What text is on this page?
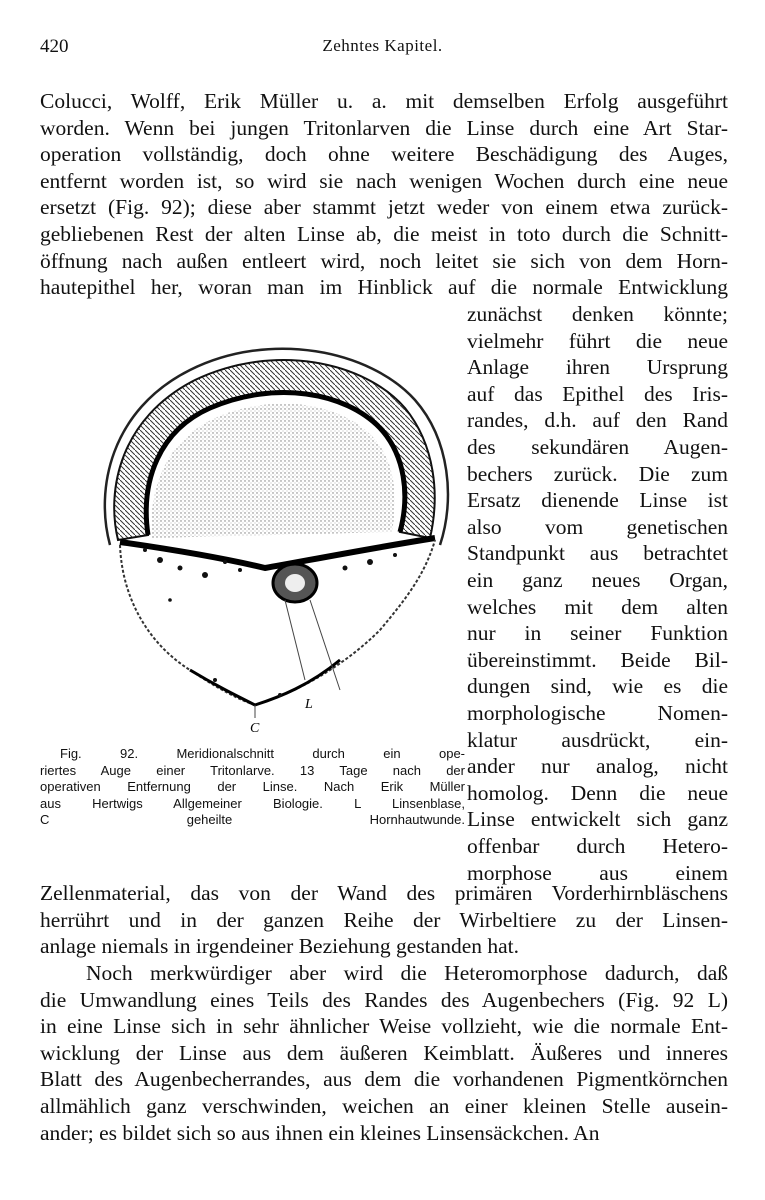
420	Zehntes Kapitel.
Colucci, Wolff, Erik Müller u. a. mit demselben Erfolg ausgeführt
worden. Wenn bei jungen Tritonlarven die Linse durch eine Art Star-
operation vollständig, doch ohne weitere Beschädigung des Auges,
entfernt worden ist, so wird sie nach wenigen Wochen durch eine neue
ersetzt (Fig. 92); diese aber stammt jetzt weder von einem etwa zurück-
gebliebenen Rest der alten Linse ab, die meist in toto durch die Schnitt-
öffnung nach außen entleert wird, noch leitet sie sich von dem Horn-
hautepithel her, woran man im Hinblick auf die normale Entwicklung
zunächst denken könnte;
vielmehr führt die neue
Anlage ihren Ursprung
auf das Epithel des Iris-
randes, d.h. auf den Rand
des sekundären Augen-
bechers zurück. Die zum
Ersatz dienende Linse ist
also vom genetischen
Standpunkt aus betrachtet
ein ganz neues Organ,
welches mit dem alten
nur in seiner Funktion
übereinstimmt. Beide Bil-
dungen sind, wie es die
morphologische Nomen-
klatur ausdrückt, ein-
ander nur analog, nicht
homolog. Denn die neue
Linse entwickelt sich ganz
offenbar durch Hetero-
morphose aus einem
L
C
Fig. 92. Meridionalschnitt durch ein ope-
riertes Auge einer Tritonlarve. 13 Tage nach der
operativen Entfernung der Linse. Nach Erik Müller
aus Hertwigs Allgemeiner Biologie. L Linsenblase,
C geheilte Hornhautwunde.
Zellenmaterial, das von der Wand des primären Vorderhirnbläschens
herrührt und in der ganzen Reihe der Wirbeltiere zu der Linsen-
anlage niemals in irgendeiner Beziehung gestanden hat.
Noch merkwürdiger aber wird die Heteromorphose dadurch, daß
die Umwandlung eines Teils des Randes des Augenbechers (Fig. 92 L)
in eine Linse sich in sehr ähnlicher Weise vollzieht, wie die normale Ent-
wicklung der Linse aus dem äußeren Keimblatt. Äußeres und inneres
Blatt des Augenbecherrandes, aus dem die vorhandenen Pigmentkörnchen
allmählich ganz verschwinden, weichen an einer kleinen Stelle ausein-
ander; es bildet sich so aus ihnen ein kleines Linsensäckchen. An
